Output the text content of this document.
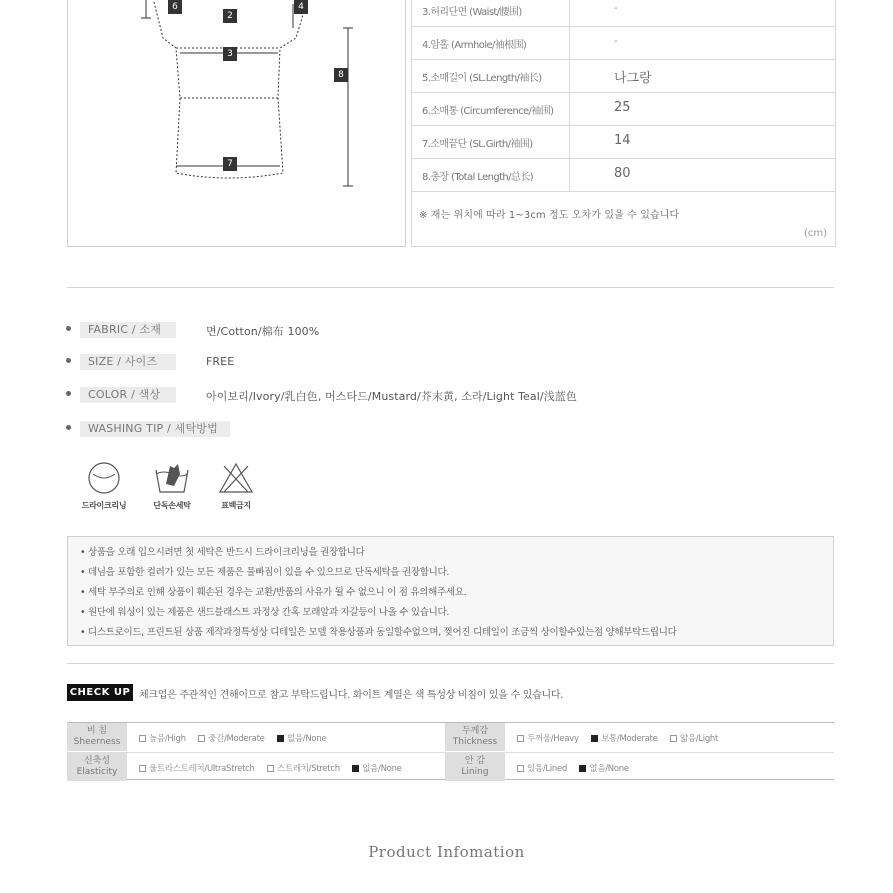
6
2
4
3
8
7
3.허리단면 (Waist/腰围)	-
4.암홀 (Armhole/袖根围)	-
5.소매길이 (SL.Length/袖长)	나그랑
6.소매통 (Circumference/袖围)	25
7.소매끝단 (SL.Girth/袖围)	14
8.총장 (Total Length/总长)	80
※ 재는 위치에 따라 1~3cm 정도 오차가 있을 수 있습니다
(cm)
FABRIC / 소재	면/Cotton/棉布 100%
SIZE / 사이즈	FREE
COLOR / 색상	아이보리/Ivory/乳白色, 머스타드/Mustard/芥末黄, 소라/Light Teal/浅蓝色
WASHING TIP / 세탁방법
드라이크리닝	단독손세탁	표백금지
• 상품을 오래 입으시려면 첫 세탁은 반드시 드라이크리닝을 권장합니다
• 데님을 포함한 컬러가 있는 모든 제품은 물빠짐이 있을 수 있으므로 단독세탁을 권장합니다.
• 세탁 부주의로 인해 상품이 훼손된 경우는 교환/반품의 사유가 될 수 없으니 이 점 유의해주세요.
• 원단에 워싱이 있는 제품은 샌드블래스트 과정상 간혹 모래알과 자갈등이 나올 수 있습니다.
• 디스트로이드, 프린트된 상품 제작과정특성상 디테일은 모델 착용상품과 동일할수없으며, 찢어진 디테일이 조금씩 상이할수있는점 양해부탁드립니다
CHECK UP 체크업은 주관적인 견해이므로 참고 부탁드립니다. 화이트 계열은 색 특성상 비침이 있을 수 있습니다.
비 침
Sheerness	높음/High	중간/Moderate	없음/None
두께감
Thickness	두꺼움/Heavy	보통/Moderate	얇음/Light
신축성
Elasticity	울트라스트레치/UltraStretch	스트레치/Stretch	없음/None
안 감
Lining	있음/Lined	없음/None
Product Infomation
